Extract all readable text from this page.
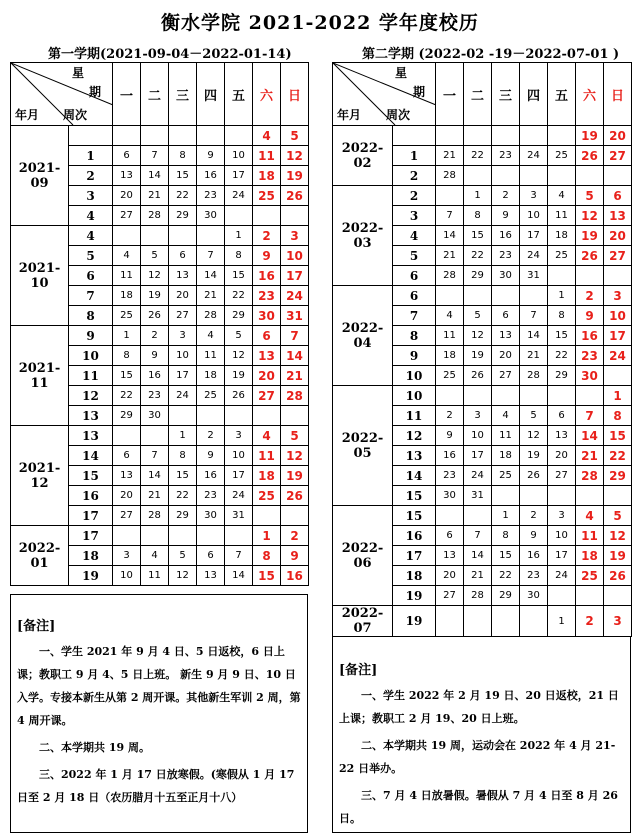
衡水学院 2021-2022 学年度校历
第一学期(2021-09-04－2022-01-14)	第二学期 (2022-02 -19－2022-07-01 )
星
期
年月 周次		一	二	三	四	五	六	日
2021-09							4	5
	1	6	7	8	9	10	11	12
	2	13	14	15	16	17	18	19
	3	20	21	22	23	24	25	26
	4	27	28	29	30			
2021-10	4					1	2	3
	5	4	5	6	7	8	9	10
	6	11	12	13	14	15	16	17
	7	18	19	20	21	22	23	24
	8	25	26	27	28	29	30	31
2021-11	9	1	2	3	4	5	6	7
	10	8	9	10	11	12	13	14
	11	15	16	17	18	19	20	21
	12	22	23	24	25	26	27	28
	13	29	30					
2021-12	13			1	2	3	4	5
	14	6	7	8	9	10	11	12
	15	13	14	15	16	17	18	19
	16	20	21	22	23	24	25	26
	17	27	28	29	30	31		
2022-01	17						1	2
	18	3	4	5	6	7	8	9
	19	10	11	12	13	14	15	16
星
期
年月 周次		一	二	三	四	五	六	日
2022-02							19	20
	1	21	22	23	24	25	26	27
	2	28						
2022-03	2		1	2	3	4	5	6
	3	7	8	9	10	11	12	13
	4	14	15	16	17	18	19	20
	5	21	22	23	24	25	26	27
	6	28	29	30	31			
2022-04	6					1	2	3
	7	4	5	6	7	8	9	10
	8	11	12	13	14	15	16	17
	9	18	19	20	21	22	23	24
	10	25	26	27	28	29	30	
2022-05	10							1
	11	2	3	4	5	6	7	8
	12	9	10	11	12	13	14	15
	13	16	17	18	19	20	21	22
	14	23	24	25	26	27	28	29
	15	30	31					
2022-06	15			1	2	3	4	5
	16	6	7	8	9	10	11	12
	17	13	14	15	16	17	18	19
	18	20	21	22	23	24	25	26
	19	27	28	29	30			
2022-07	19					1	2	3
[备注]

一、学生 2021 年 9 月 4 日、5 日返校，6 日上课；教职工 9 月 4、5 日上班。 新生 9 月 9 日、10 日入学。专接本新生从第 2 周开课。其他新生军训 2 周，第 4 周开课。

二、本学期共 19 周。

三、2022 年 1 月 17 日放寒假。(寒假从 1 月 17 日至 2 月 18 日（农历腊月十五至正月十八）

[备注]

一、学生 2022 年 2 月 19 日、20 日返校，21 日上课；教职工 2 月 19、20 日上班。

二、本学期共 19 周，运动会在 2022 年 4 月 21-22 日举办。

三、7 月 4 日放暑假。暑假从 7 月 4 日至 8 月 26 日。
